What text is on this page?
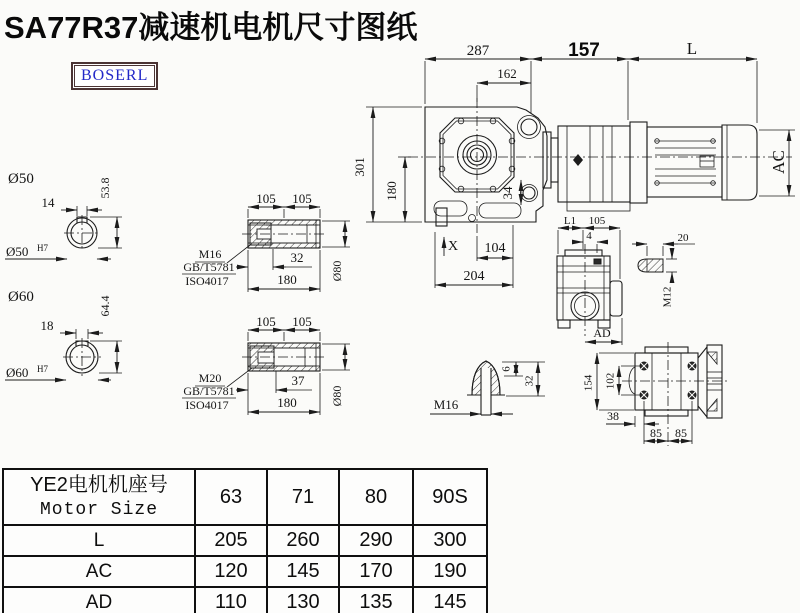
SA77R37减速机电机尺寸图纸
BOSERL
287
162
157	L
AC
301
180	34
X 104
204
Ø50
14
53.8
Ø50 H7
Ø60
18
64.4
Ø60 H7
105 105
M16
GB/T5781
ISO4017
32
180	Ø80
105 105
M20
GB/T5781
ISO4017
37
180	Ø80
L1 105
4
AD
20
M12
M16
6
32	154 102
38
85 85
YE2电机机座号
Motor Size	63	71	80	90S
L	205	260	290	300
AC	120	145	170	190
AD	110	130	135	145
